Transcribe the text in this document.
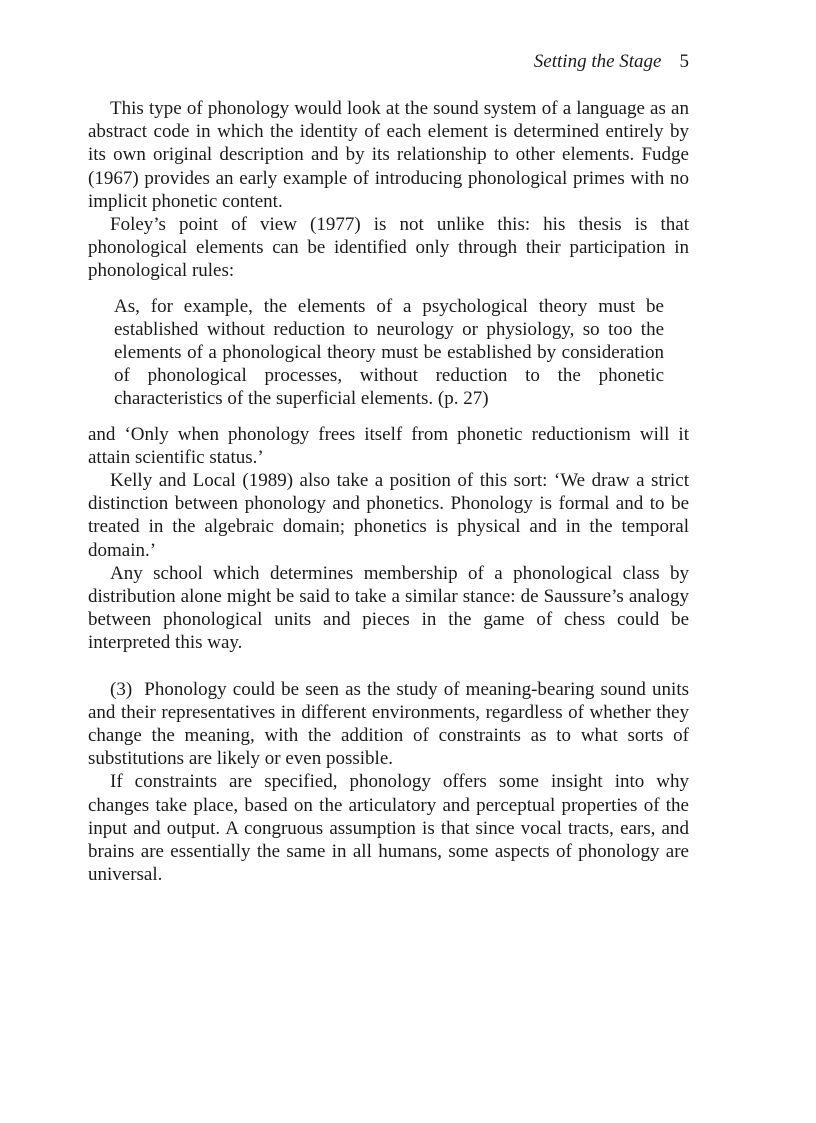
Setting the Stage 5

This type of phonology would look at the sound system of a language as an abstract code in which the identity of each element is determined entirely by its own original description and by its relationship to other elements. Fudge (1967) provides an early example of introducing phonological primes with no implicit phonetic content.

Foley’s point of view (1977) is not unlike this: his thesis is that phonological elements can be identified only through their participation in phonological rules:

As, for example, the elements of a psychological theory must be established without reduction to neurology or physiology, so too the elements of a phonological theory must be established by consideration of phonological processes, without reduction to the phonetic characteristics of the superficial elements. (p. 27)

and ‘Only when phonology frees itself from phonetic reductionism will it attain scientific status.’

Kelly and Local (1989) also take a position of this sort: ‘We draw a strict distinction between phonology and phonetics. Phonology is formal and to be treated in the algebraic domain; phonetics is physical and in the temporal domain.’

Any school which determines membership of a phonological class by distribution alone might be said to take a similar stance: de Saussure’s analogy between phonological units and pieces in the game of chess could be interpreted this way.

(3) Phonology could be seen as the study of meaning-bearing sound units and their representatives in different environments, regardless of whether they change the meaning, with the addition of constraints as to what sorts of substitutions are likely or even possible.

If constraints are specified, phonology offers some insight into why changes take place, based on the articulatory and perceptual properties of the input and output. A congruous assumption is that since vocal tracts, ears, and brains are essentially the same in all humans, some aspects of phonology are universal.
